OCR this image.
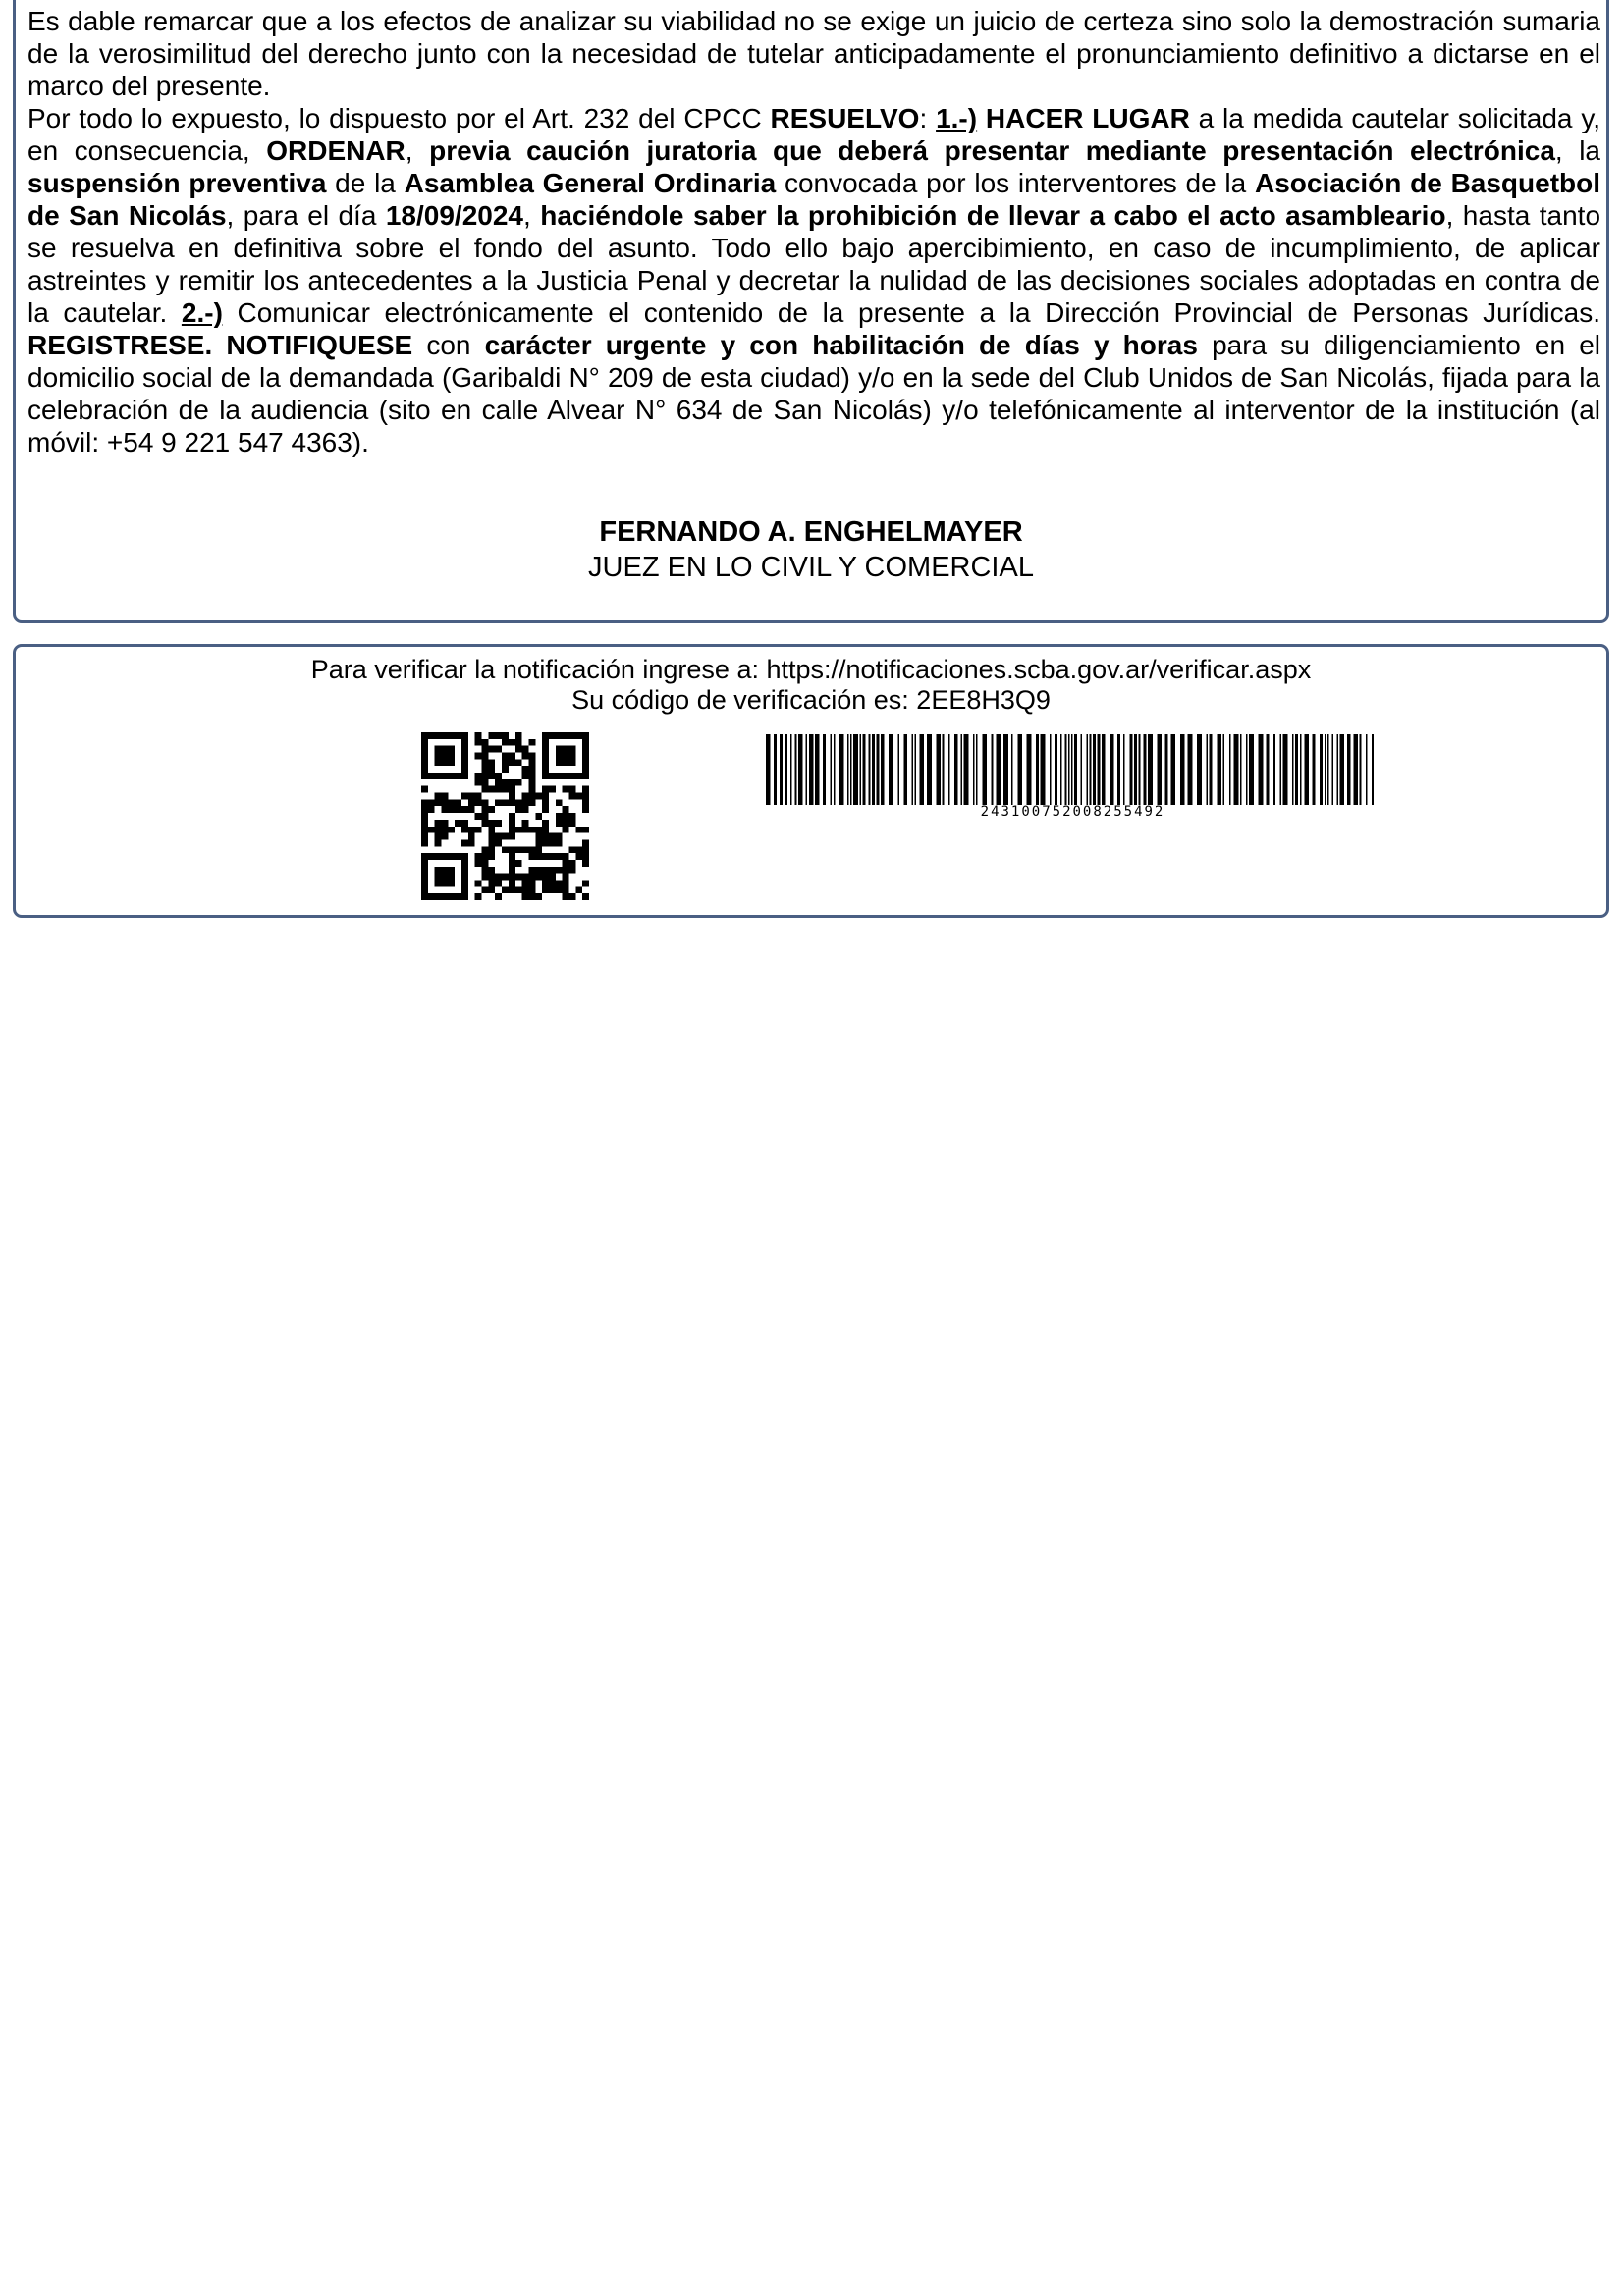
Es dable remarcar que a los efectos de analizar su viabilidad no se exige un juicio de certeza sino solo la demostración sumaria de la verosimilitud del derecho junto con la necesidad de tutelar anticipadamente el pronunciamiento definitivo a dictarse en el marco del presente.

Por todo lo expuesto, lo dispuesto por el Art. 232 del CPCC RESUELVO: 1.-) HACER LUGAR a la medida cautelar solicitada y, en consecuencia, ORDENAR, previa caución juratoria que deberá presentar mediante presentación electrónica, la suspensión preventiva de la Asamblea General Ordinaria convocada por los interventores de la Asociación de Basquetbol de San Nicolás, para el día 18/09/2024, haciéndole saber la prohibición de llevar a cabo el acto asambleario, hasta tanto se resuelva en definitiva sobre el fondo del asunto. Todo ello bajo apercibimiento, en caso de incumplimiento, de aplicar astreintes y remitir los antecedentes a la Justicia Penal y decretar la nulidad de las decisiones sociales adoptadas en contra de la cautelar. 2.-) Comunicar electrónicamente el contenido de la presente a la Dirección Provincial de Personas Jurídicas. REGISTRESE. NOTIFIQUESE con carácter urgente y con habilitación de días y horas para su diligenciamiento en el domicilio social de la demandada (Garibaldi N° 209 de esta ciudad) y/o en la sede del Club Unidos de San Nicolás, fijada para la celebración de la audiencia (sito en calle Alvear N° 634 de San Nicolás) y/o telefónicamente al interventor de la institución (al móvil: +54 9 221 547 4363).

FERNANDO A. ENGHELMAYER
JUEZ EN LO CIVIL Y COMERCIAL
Para verificar la notificación ingrese a: https://notificaciones.scba.gov.ar/verificar.aspx
Su código de verificación es: 2EE8H3Q9
243100752008255492
